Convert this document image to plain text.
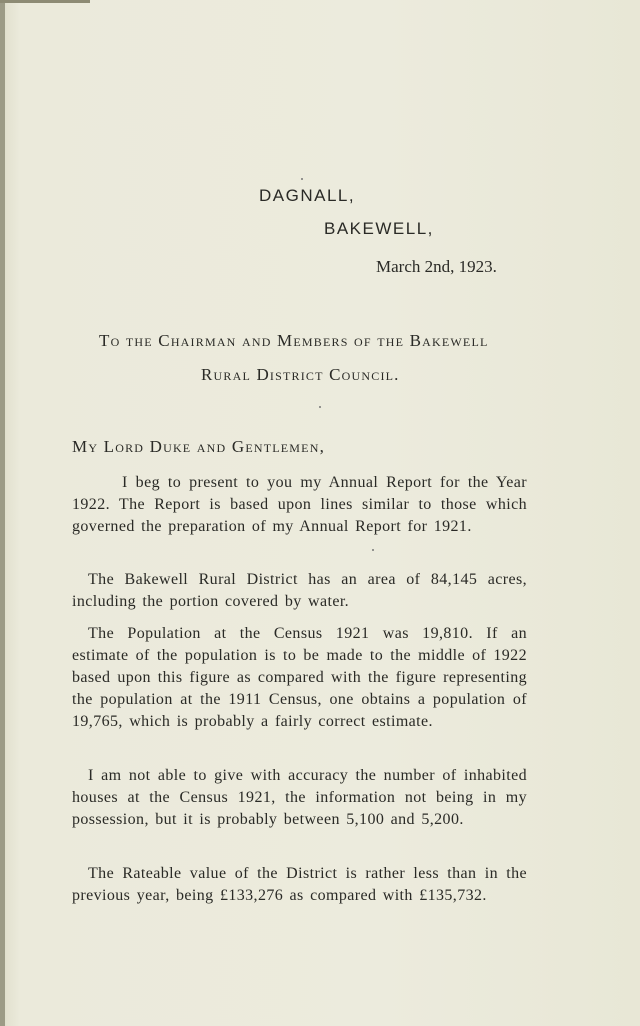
DAGNALL,
BAKEWELL,
March 2nd, 1923.
To the Chairman and Members of the Bakewell
Rural District Council.
My Lord Duke and Gentlemen,
I beg to present to you my Annual Report for the Year 1922. The Report is based upon lines similar to those which governed the preparation of my Annual Report for 1921.
The Bakewell Rural District has an area of 84,145 acres, including the portion covered by water.
The Population at the Census 1921 was 19,810. If an estimate of the population is to be made to the middle of 1922 based upon this figure as compared with the figure representing the population at the 1911 Census, one obtains a population of 19,765, which is probably a fairly correct estimate.
I am not able to give with accuracy the number of inhabited houses at the Census 1921, the information not being in my possession, but it is probably between 5,100 and 5,200.
The Rateable value of the District is rather less than in the previous year, being £133,276 as compared with £135,732.
